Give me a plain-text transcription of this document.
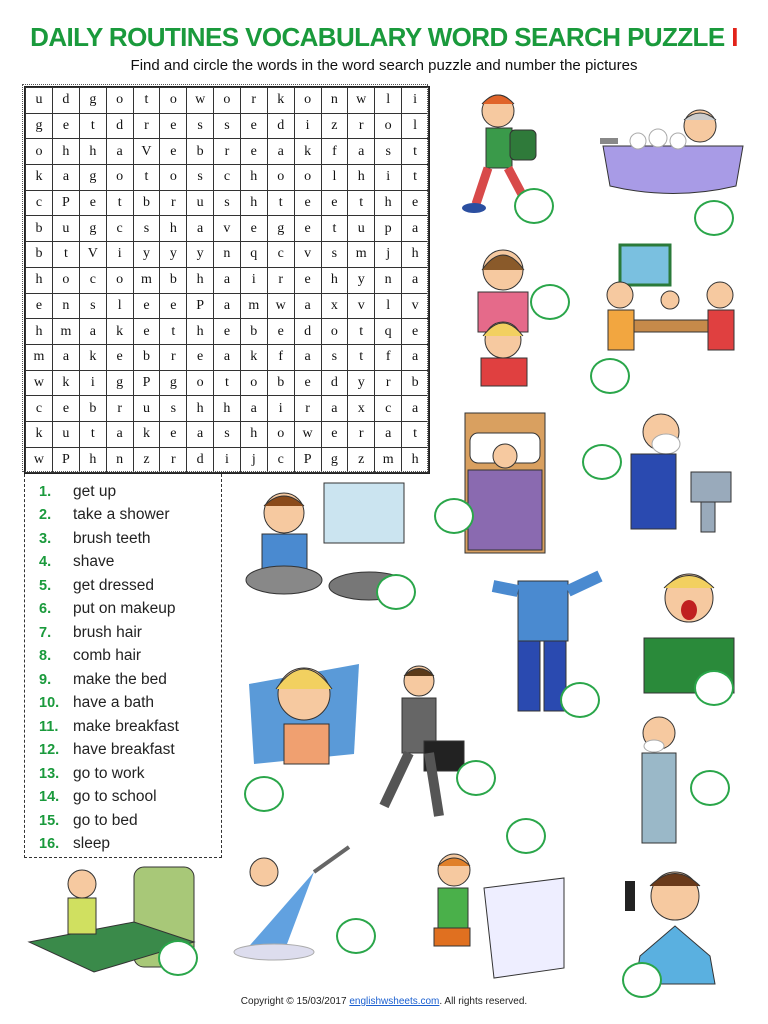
DAILY ROUTINES VOCABULARY WORD SEARCH PUZZLE I
Find and circle the words in the word search puzzle and number the pictures
u	d	g	o	t	o	w	o	r	k	o	n	w	l	i
g	e	t	d	r	e	s	s	e	d	i	z	r	o	l
o	h	h	a	V	e	b	r	e	a	k	f	a	s	t
k	a	g	o	t	o	s	c	h	o	o	l	h	i	t
c	P	e	t	b	r	u	s	h	t	e	e	t	h	e
b	u	g	c	s	h	a	v	e	g	e	t	u	p	a
b	t	V	i	y	y	y	n	q	c	v	s	m	j	h
h	o	c	o	m	b	h	a	i	r	e	h	y	n	a
e	n	s	l	e	e	P	a	m	w	a	x	v	l	v
h	m	a	k	e	t	h	e	b	e	d	o	t	q	e
m	a	k	e	b	r	e	a	k	f	a	s	t	f	a
w	k	i	g	P	g	o	t	o	b	e	d	y	r	b
c	e	b	r	u	s	h	h	a	i	r	a	x	c	a
k	u	t	a	k	e	a	s	h	o	w	e	r	a	t
w	P	h	n	z	r	d	i	j	c	P	g	z	m	h
1.	get up
2.	take a shower
3.	brush teeth
4.	shave
5.	get dressed
6.	put on makeup
7.	brush hair
8.	comb hair
9.	make the bed
10. have a bath
11. make breakfast
12. have breakfast
13. go to work
14. go to school
15. go to bed
16. sleep
Copyright © 15/03/2017 englishwsheets.com. All rights reserved.
